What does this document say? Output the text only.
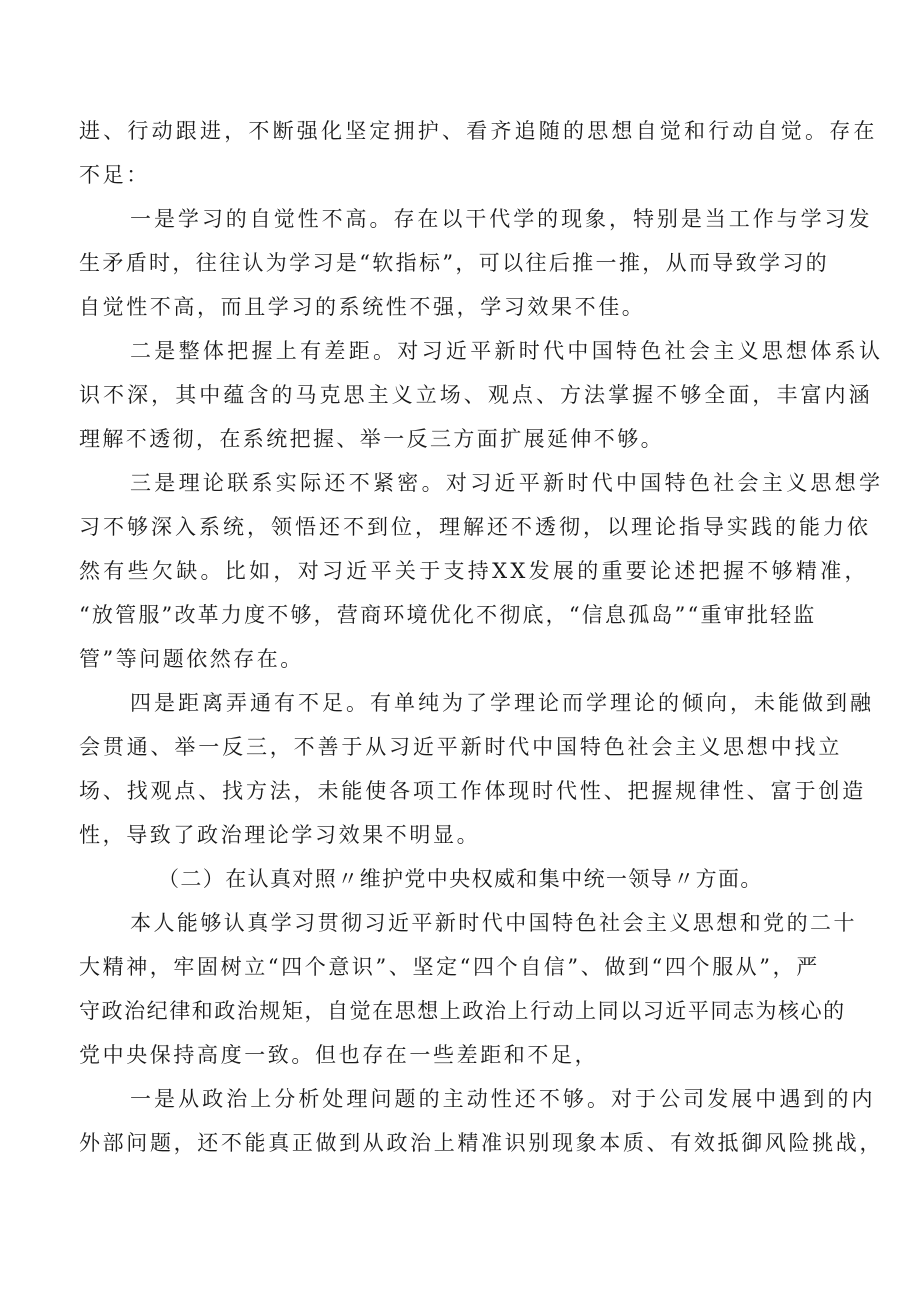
进、行动跟进，不断强化坚定拥护、看齐追随的思想自觉和行动自觉。存在
不足：
一是学习的自觉性不高。存在以干代学的现象，特别是当工作与学习发
生矛盾时，往往认为学习是“软指标”，可以往后推一推，从而导致学习的
自觉性不高，而且学习的系统性不强，学习效果不佳。
二是整体把握上有差距。对习近平新时代中国特色社会主义思想体系认
识不深，其中蕴含的马克思主义立场、观点、方法掌握不够全面，丰富内涵
理解不透彻，在系统把握、举一反三方面扩展延伸不够。
三是理论联系实际还不紧密。对习近平新时代中国特色社会主义思想学
习不够深入系统，领悟还不到位，理解还不透彻，以理论指导实践的能力依
然有些欠缺。比如，对习近平关于支持XX发展的重要论述把握不够精准，
“放管服”改革力度不够，营商环境优化不彻底，“信息孤岛”“重审批轻监
管”等问题依然存在。
四是距离弄通有不足。有单纯为了学理论而学理论的倾向，未能做到融
会贯通、举一反三，不善于从习近平新时代中国特色社会主义思想中找立
场、找观点、找方法，未能使各项工作体现时代性、把握规律性、富于创造
性，导致了政治理论学习效果不明显。
（二）在认真对照〃维护党中央权威和集中统一领导〃方面。
本人能够认真学习贯彻习近平新时代中国特色社会主义思想和党的二十
大精神，牢固树立“四个意识”、坚定“四个自信”、做到“四个服从”，严
守政治纪律和政治规矩，自觉在思想上政治上行动上同以习近平同志为核心的
党中央保持高度一致。但也存在一些差距和不足，
一是从政治上分析处理问题的主动性还不够。对于公司发展中遇到的内
外部问题，还不能真正做到从政治上精准识别现象本质、有效抵御风险挑战，
